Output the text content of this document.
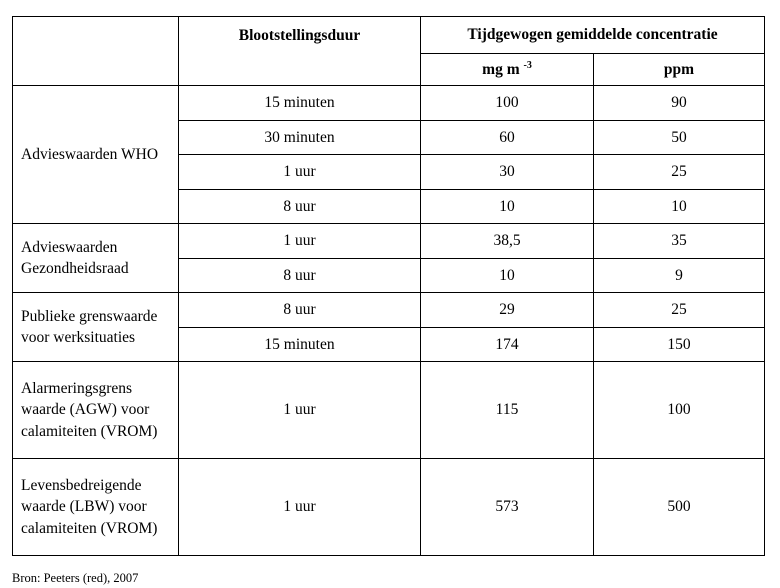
	Blootstellingsduur	Tijdgewogen gemiddelde concentratie	
		mg m $^{-3}$	ppm
Advieswaarden WHO	15 minuten	100	90
	30 minuten	60	50
	1 uur	30	25
	8 uur	10	10
Advieswaarden Gezondheidsraad	1 uur	38,5	35
	8 uur	10	9
Publieke grenswaarde voor werksituaties	8 uur	29	25
	15 minuten	174	150
Alarmeringsgrens waarde (AGW) voor calamiteiten (VROM)	1 uur	115	100
Levensbedreigende waarde (LBW) voor calamiteiten (VROM)	1 uur	573	500
Bron: Peeters (red), 2007
